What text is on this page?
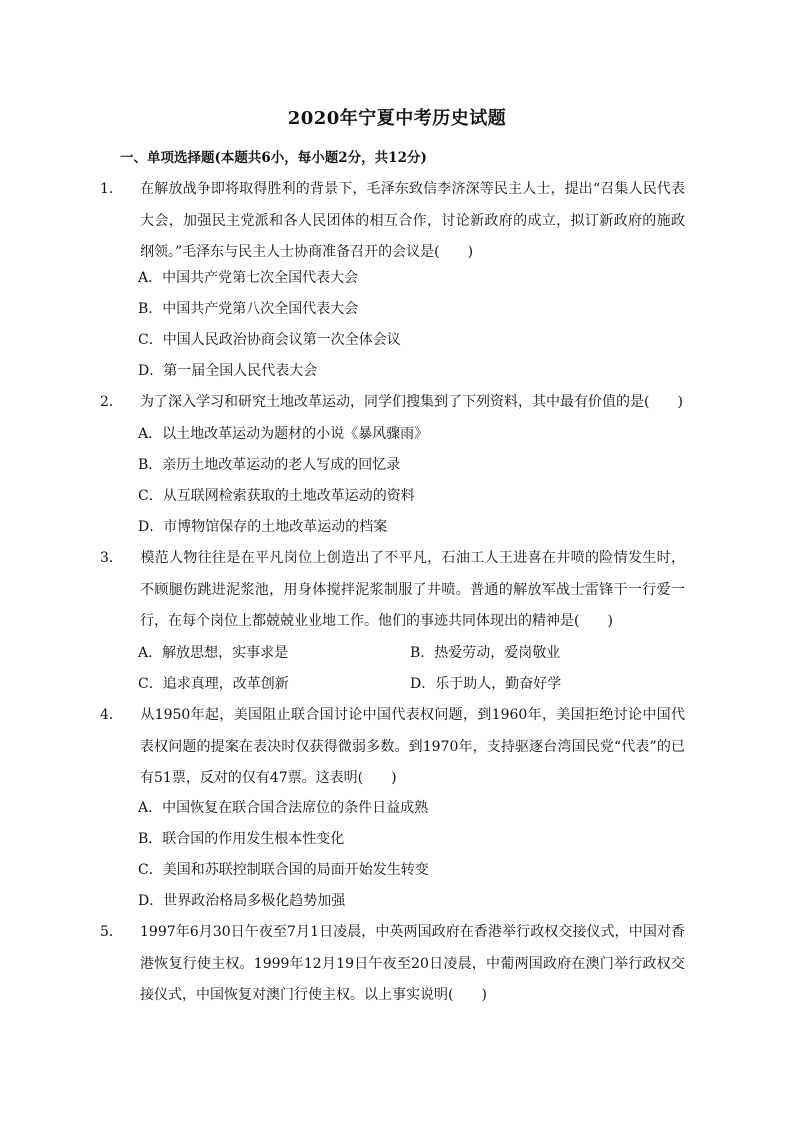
2020年宁夏中考历史试题
一、单项选择题(本题共6小，每小题2分，共12分)
1． 在解放战争即将取得胜利的背景下，毛泽东致信李济深等民主人士，提出“召集人民代表大会，加强民主党派和各人民团体的相互合作，讨论新政府的成立，拟订新政府的施政纲领。”毛泽东与民主人士协商准备召开的会议是(　　)
A．中国共产党第七次全国代表大会
B．中国共产党第八次全国代表大会
C．中国人民政治协商会议第一次全体会议
D．第一届全国人民代表大会
2． 为了深入学习和研究土地改革运动，同学们搜集到了下列资料，其中最有价值的是(　　)
A．以土地改革运动为题材的小说《暴风骤雨》
B．亲历土地改革运动的老人写成的回忆录
C．从互联网检索获取的土地改革运动的资料
D．市博物馆保存的土地改革运动的档案
3． 模范人物往往是在平凡岗位上创造出了不平凡，石油工人王进喜在井喷的险情发生时，不顾腿伤跳进泥浆池，用身体搅拌泥浆制服了井喷。普通的解放军战士雷锋干一行爱一行，在每个岗位上都兢兢业业地工作。他们的事迹共同体现出的精神是(　　)
A．解放思想，实事求是	B．热爱劳动，爱岗敬业
C．追求真理，改革创新	D．乐于助人，勤奋好学
4． 从1950年起，美国阻止联合国讨论中国代表权问题，到1960年，美国拒绝讨论中国代表权问题的提案在表决时仅获得微弱多数。到1970年，支持驱逐台湾国民党“代表”的已有51票，反对的仅有47票。这表明(　　)
A．中国恢复在联合国合法席位的条件日益成熟
B．联合国的作用发生根本性变化
C．美国和苏联控制联合国的局面开始发生转变
D．世界政治格局多极化趋势加强
5． 1997年6月30日午夜至7月1日凌晨，中英两国政府在香港举行政权交接仪式，中国对香港恢复行使主权。1999年12月19日午夜至20日凌晨，中葡两国政府在澳门举行政权交接仪式，中国恢复对澳门行使主权。以上事实说明(　　)
